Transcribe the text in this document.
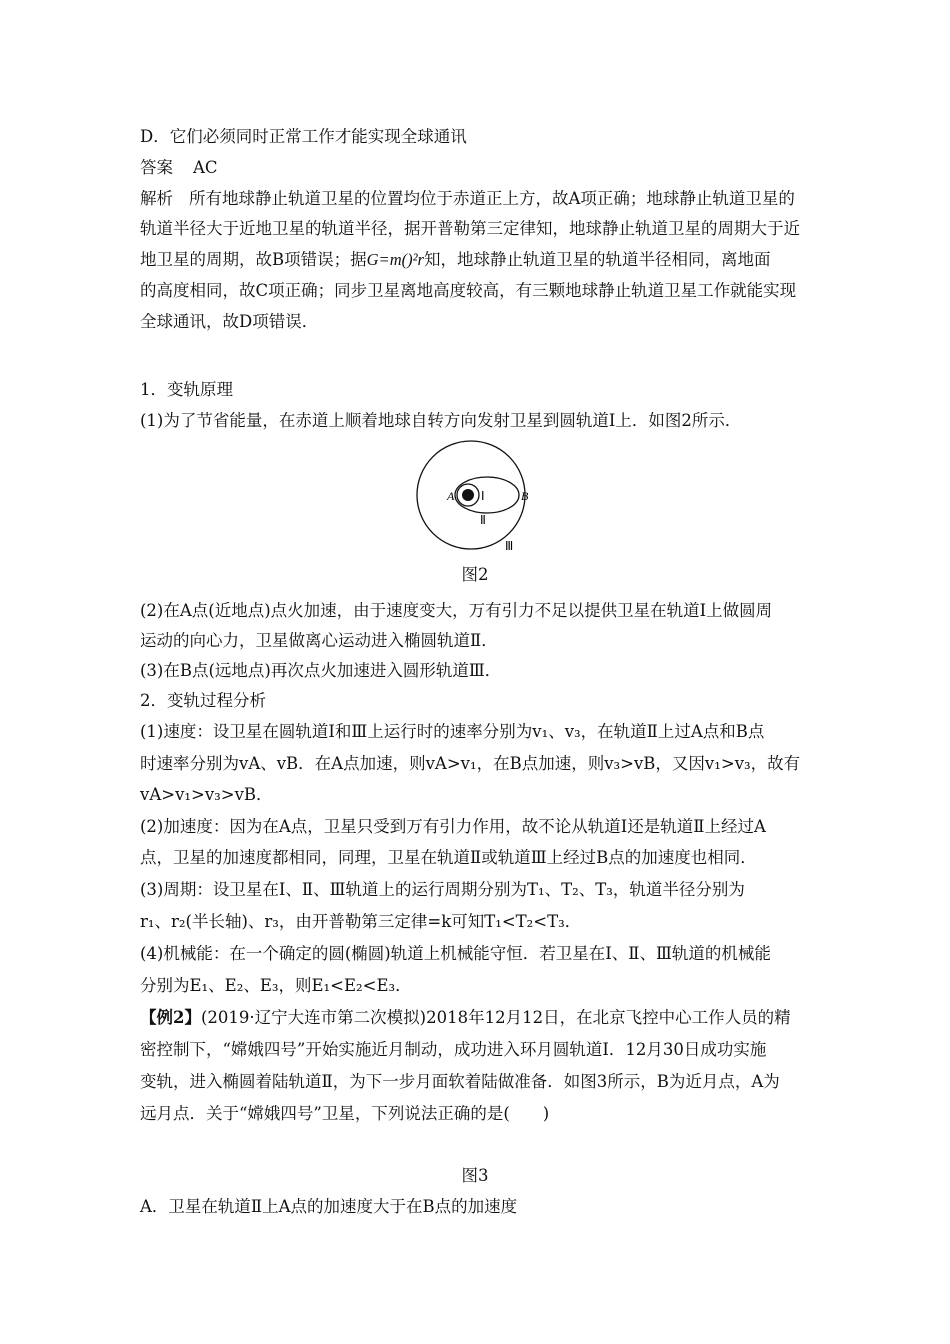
D．它们必须同时正常工作才能实现全球通讯
答案 AC
解析 所有地球静止轨道卫星的位置均位于赤道正上方，故A项正确；地球静止轨道卫星的
轨道半径大于近地卫星的轨道半径，据开普勒第三定律知，地球静止轨道卫星的周期大于近
地卫星的周期，故B项错误；据G=m()²r知，地球静止轨道卫星的轨道半径相同，离地面
的高度相同，故C项正确；同步卫星离地高度较高，有三颗地球静止轨道卫星工作就能实现
全球通讯，故D项错误．
1．变轨原理
(1)为了节省能量，在赤道上顺着地球自转方向发射卫星到圆轨道Ⅰ上．如图2所示．
A	B
Ⅰ
Ⅱ
Ⅲ
图2
(2)在A点(近地点)点火加速，由于速度变大，万有引力不足以提供卫星在轨道Ⅰ上做圆周
运动的向心力，卫星做离心运动进入椭圆轨道Ⅱ．
(3)在B点(远地点)再次点火加速进入圆形轨道Ⅲ．
2．变轨过程分析
(1)速度：设卫星在圆轨道Ⅰ和Ⅲ上运行时的速率分别为v₁、v₃，在轨道Ⅱ上过A点和B点
时速率分别为vA、vB．在A点加速，则vA>v₁，在B点加速，则v₃>vB，又因v₁>v₃，故有
vA>v₁>v₃>vB．
(2)加速度：因为在A点，卫星只受到万有引力作用，故不论从轨道Ⅰ还是轨道Ⅱ上经过A
点，卫星的加速度都相同，同理，卫星在轨道Ⅱ或轨道Ⅲ上经过B点的加速度也相同．
(3)周期：设卫星在Ⅰ、Ⅱ、Ⅲ轨道上的运行周期分别为T₁、T₂、T₃，轨道半径分别为
r₁、r₂(半长轴)、r₃，由开普勒第三定律=k可知T₁<T₂<T₃．
(4)机械能：在一个确定的圆(椭圆)轨道上机械能守恒．若卫星在Ⅰ、Ⅱ、Ⅲ轨道的机械能
分别为E₁、E₂、E₃，则E₁<E₂<E₃．
【例2】(2019·辽宁大连市第二次模拟)2018年12月12日，在北京飞控中心工作人员的精
密控制下，“嫦娥四号”开始实施近月制动，成功进入环月圆轨道Ⅰ．12月30日成功实施
变轨，进入椭圆着陆轨道Ⅱ，为下一步月面软着陆做准备．如图3所示，B为近月点，A为
远月点．关于“嫦娥四号”卫星，下列说法正确的是(　　)
图3
A．卫星在轨道Ⅱ上A点的加速度大于在B点的加速度
